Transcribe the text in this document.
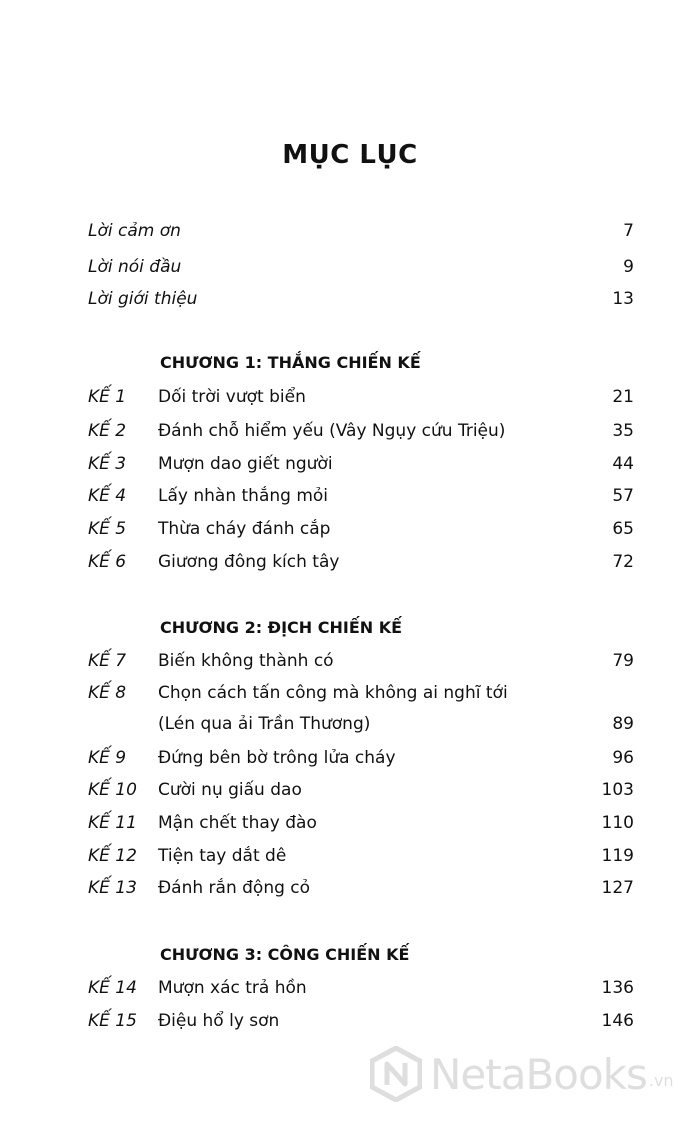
MỤC LỤC
Lời cảm ơn	7
Lời nói đầu	9
Lời giới thiệu	13
CHƯƠNG 1: THẮNG CHIẾN KẾ
KẾ 1 Dối trời vượt biển	21
KẾ 2 Đánh chỗ hiểm yếu (Vây Ngụy cứu Triệu)	35
KẾ 3 Mượn dao giết người	44
KẾ 4 Lấy nhàn thắng mỏi	57
KẾ 5 Thừa cháy đánh cắp	65
KẾ 6 Giương đông kích tây	72
CHƯƠNG 2: ĐỊCH CHIẾN KẾ
KẾ 7 Biến không thành có	79
KẾ 8 Chọn cách tấn công mà không ai nghĩ tới
(Lén qua ải Trần Thương)	89
KẾ 9 Đứng bên bờ trông lửa cháy	96
KẾ 10 Cười nụ giấu dao	103
KẾ 11 Mận chết thay đào	110
KẾ 12 Tiện tay dắt dê	119
KẾ 13 Đánh rắn động cỏ	127
CHƯƠNG 3: CÔNG CHIẾN KẾ
KẾ 14 Mượn xác trả hồn	136
KẾ 15 Điệu hổ ly sơn	146
NetaBooks .vn
